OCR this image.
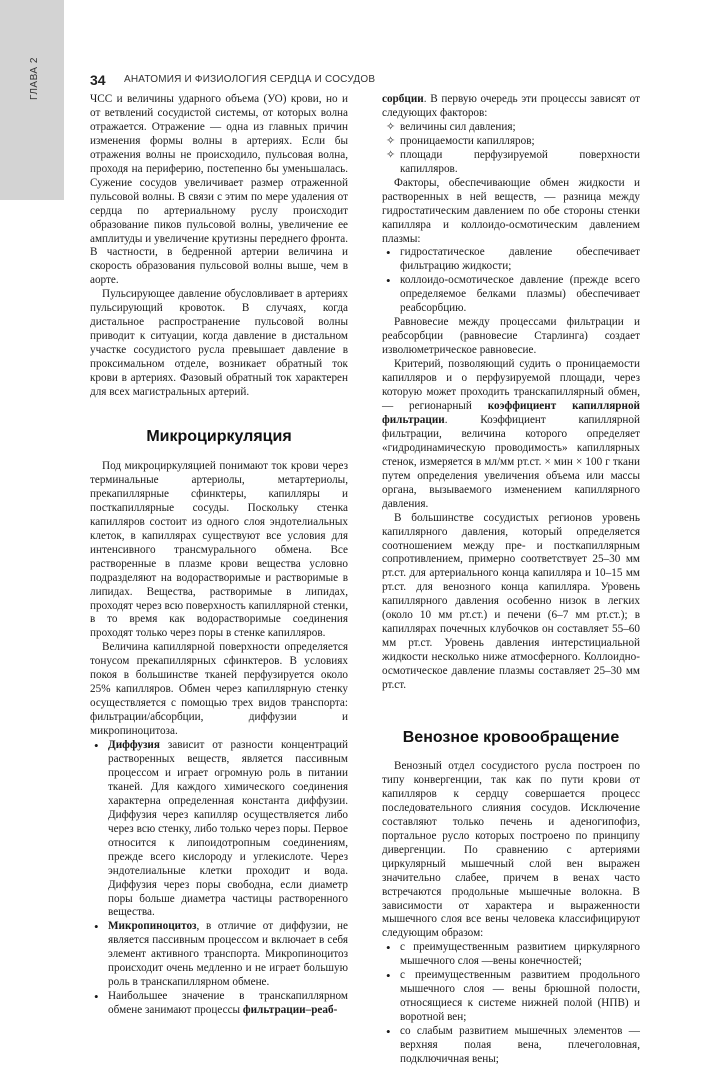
ГЛАВА 2	34 АНАТОМИЯ И ФИЗИОЛОГИЯ СЕРДЦА И СОСУДОВ

ЧСС и величины ударного объема (УО) крови, но и от ветвлений сосудистой системы, от которых волна отражается. Отражение — одна из главных причин изменения формы волны в артериях. Если бы отражения волны не происходило, пульсовая волна, проходя на периферию, постепенно бы уменьшалась. Сужение сосудов увеличивает размер отраженной пульсовой волны. В связи с этим по мере удаления от сердца по артериальному руслу происходит образование пиков пульсовой волны, увеличение ее амплитуды и увеличение крутизны переднего фронта. В частности, в бедренной артерии величина и скорость образования пульсовой волны выше, чем в аорте.

Пульсирующее давление обусловливает в артериях пульсирующий кровоток. В случаях, когда дистальное распространение пульсовой волны приводит к ситуации, когда давление в дистальном участке сосудистого русла превышает давление в проксимальном отделе, возникает обратный ток крови в артериях. Фазовый обратный ток характерен для всех магистральных артерий.

Микроциркуляция

Под микроциркуляцией понимают ток крови через терминальные артериолы, метартериолы, прекапиллярные сфинктеры, капилляры и посткапиллярные сосуды. Поскольку стенка капилляров состоит из одного слоя эндотелиальных клеток, в капиллярах существуют все условия для интенсивного трансмурального обмена. Все растворенные в плазме крови вещества условно подразделяют на водорастворимые и растворимые в липидах. Вещества, растворимые в липидах, проходят через всю поверхность капиллярной стенки, в то время как водорастворимые соединения проходят только через поры в стенке капилляров.

Величина капиллярной поверхности определяется тонусом прекапиллярных сфинктеров. В условиях покоя в большинстве тканей перфузируется около 25% капилляров. Обмен через капиллярную стенку осуществляется с помощью трех видов транспорта: фильтрации/абсорбции, диффузии и микропиноцитоза.

• Диффузия зависит от разности концентраций растворенных веществ, является пассивным процессом и играет огромную роль в питании тканей. Для каждого химического соединения характерна определенная константа диффузии. Диффузия через капилляр осуществляется либо через всю стенку, либо только через поры. Первое относится к липоидотропным соединениям, прежде всего кислороду и углекислоте. Через эндотелиальные клетки проходит и вода. Диффузия через поры свободна, если диаметр поры больше диаметра частицы растворенного вещества.
• Микропиноцитоз, в отличие от диффузии, не является пассивным процессом и включает в себя элемент активного транспорта. Микропиноцитоз происходит очень медленно и не играет большую роль в транскапиллярном обмене.
• Наибольшее значение в транскапиллярном обмене занимают процессы фильтрации–реаб-

сорбции. В первую очередь эти процессы зависят от следующих факторов:

✧ величины сил давления;
✧ проницаемости капилляров;
✧ площади перфузируемой поверхности капилляров.

Факторы, обеспечивающие обмен жидкости и растворенных в ней веществ, — разница между гидростатическим давлением по обе стороны стенки капилляра и коллоидо-осмотическим давлением плазмы:

• гидростатическое давление обеспечивает фильтрацию жидкости;
• коллоидо-осмотическое давление (прежде всего определяемое белками плазмы) обеспечивает реабсорбцию.

Равновесие между процессами фильтрации и реабсорбции (равновесие Старлинга) создает изволюметрическое равновесие.

Критерий, позволяющий судить о проницаемости капилляров и о перфузируемой площади, через которую может проходить транскапиллярный обмен, — регионарный коэффициент капиллярной фильтрации. Коэффициент капиллярной фильтрации, величина которого определяет «гидродинамическую проводимость» капиллярных стенок, измеряется в мл/мм рт.ст. × мин × 100 г ткани путем определения увеличения объема или массы органа, вызываемого изменением капиллярного давления.

В большинстве сосудистых регионов уровень капиллярного давления, который определяется соотношением между пре- и посткапиллярным сопротивлением, примерно соответствует 25–30 мм рт.ст. для артериального конца капилляра и 10–15 мм рт.ст. для венозного конца капилляра. Уровень капиллярного давления особенно низок в легких (около 10 мм рт.ст.) и печени (6–7 мм рт.ст.); в капиллярах почечных клубочков он составляет 55–60 мм рт.ст. Уровень давления интерстициальной жидкости несколько ниже атмосферного. Коллоидно-осмотическое давление плазмы составляет 25–30 мм рт.ст.

Венозное кровообращение

Венозный отдел сосудистого русла построен по типу конвергенции, так как по пути крови от капилляров к сердцу совершается процесс последовательного слияния сосудов. Исключение составляют только печень и аденогипофиз, портальное русло которых построено по принципу дивергенции. По сравнению с артериями циркулярный мышечный слой вен выражен значительно слабее, причем в венах часто встречаются продольные мышечные волокна. В зависимости от характера и выраженности мышечного слоя все вены человека классифицируют следующим образом:

• с преимущественным развитием циркулярного мышечного слоя —вены конечностей;
• с преимущественным развитием продольного мышечного слоя — вены брюшной полости, относящиеся к системе нижней полой (НПВ) и воротной вен;
• со слабым развитием мышечных элементов — верхняя полая вена, плечеголовная, подключичная вены;
